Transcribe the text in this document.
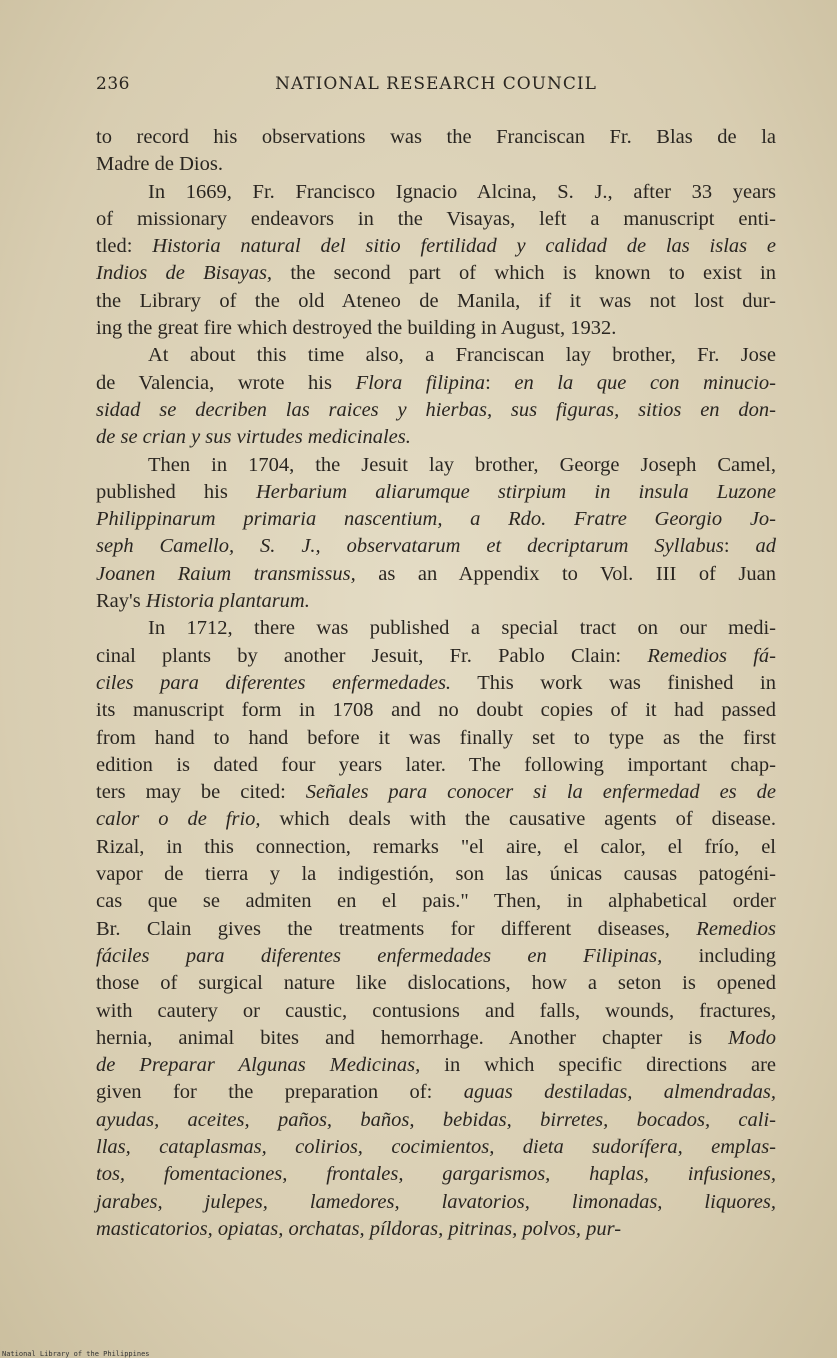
236	NATIONAL RESEARCH COUNCIL
to record his observations was the Franciscan Fr. Blas de la
Madre de Dios.
In 1669, Fr. Francisco Ignacio Alcina, S. J., after 33 years
of missionary endeavors in the Visayas, left a manuscript enti-
tled: Historia natural del sitio fertilidad y calidad de las islas e
Indios de Bisayas, the second part of which is known to exist in
the Library of the old Ateneo de Manila, if it was not lost dur-
ing the great fire which destroyed the building in August, 1932.
At about this time also, a Franciscan lay brother, Fr. Jose
de Valencia, wrote his Flora filipina: en la que con minucio-
sidad se decriben las raices y hierbas, sus figuras, sitios en don-
de se crian y sus virtudes medicinales.
Then in 1704, the Jesuit lay brother, George Joseph Camel,
published his Herbarium aliarumque stirpium in insula Luzone
Philippinarum primaria nascentium, a Rdo. Fratre Georgio Jo-
seph Camello, S. J., observatarum et decriptarum Syllabus: ad
Joanen Raium transmissus, as an Appendix to Vol. III of Juan
Ray's Historia plantarum.
In 1712, there was published a special tract on our medi-
cinal plants by another Jesuit, Fr. Pablo Clain: Remedios fá-
ciles para diferentes enfermedades. This work was finished in
its manuscript form in 1708 and no doubt copies of it had passed
from hand to hand before it was finally set to type as the first
edition is dated four years later. The following important chap-
ters may be cited: Señales para conocer si la enfermedad es de
calor o de frio, which deals with the causative agents of disease.
Rizal, in this connection, remarks "el aire, el calor, el frío, el
vapor de tierra y la indigestión, son las únicas causas patogéni-
cas que se admiten en el pais." Then, in alphabetical order
Br. Clain gives the treatments for different diseases, Remedios
fáciles para diferentes enfermedades en Filipinas, including
those of surgical nature like dislocations, how a seton is opened
with cautery or caustic, contusions and falls, wounds, fractures,
hernia, animal bites and hemorrhage. Another chapter is Modo
de Preparar Algunas Medicinas, in which specific directions are
given for the preparation of: aguas destiladas, almendradas,
ayudas, aceites, paños, baños, bebidas, birretes, bocados, cali-
llas, cataplasmas, colirios, cocimientos, dieta sudorífera, emplas-
tos, fomentaciones, frontales, gargarismos, haplas, infusiones,
jarabes, julepes, lamedores, lavatorios, limonadas, liquores,
masticatorios, opiatas, orchatas, píldoras, pitrinas, polvos, pur-
National Library of the Philippines
